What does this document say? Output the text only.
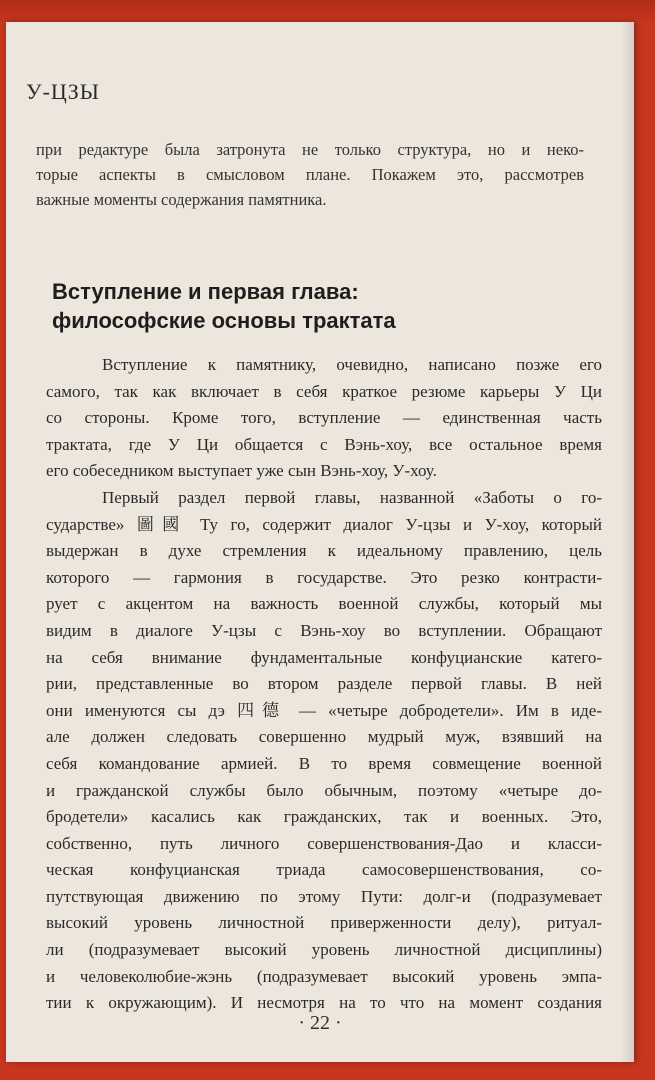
У-ЦЗЫ
при редактуре была затронута не только структура, но и неко-
торые аспекты в смысловом плане. Покажем это, рассмотрев
важные моменты содержания памятника.
Вступление и первая глава:
философские основы трактата
Вступление к памятнику, очевидно, написано позже его
самого, так как включает в себя краткое резюме карьеры У Ци
со стороны. Кроме того, вступление — единственная часть
трактата, где У Ци общается с Вэнь-хоу, все остальное время
его собеседником выступает уже сын Вэнь-хоу, У-хоу.
Первый раздел первой главы, названной «Заботы о го-
сударстве» 圖國 Ту го, содержит диалог У-цзы и У-хоу, который
выдержан в духе стремления к идеальному правлению, цель
которого — гармония в государстве. Это резко контрасти-
рует с акцентом на важность военной службы, который мы
видим в диалоге У-цзы с Вэнь-хоу во вступлении. Обращают
на себя внимание фундаментальные конфуцианские катего-
рии, представленные во втором разделе первой главы. В ней
они именуются сы дэ 四德 — «четыре добродетели». Им в иде-
але должен следовать совершенно мудрый муж, взявший на
себя командование армией. В то время совмещение военной
и гражданской службы было обычным, поэтому «четыре до-
бродетели» касались как гражданских, так и военных. Это,
собственно, путь личного совершенствования-Дао и класси-
ческая конфуцианская триада самосовершенствования, со-
путствующая движению по этому Пути: долг-и (подразумевает
высокий уровень личностной приверженности делу), ритуал-
ли (подразумевает высокий уровень личностной дисциплины)
и человеколюбие-жэнь (подразумевает высокий уровень эмпа-
тии к окружающим). И несмотря на то что на момент создания
· 22 ·
